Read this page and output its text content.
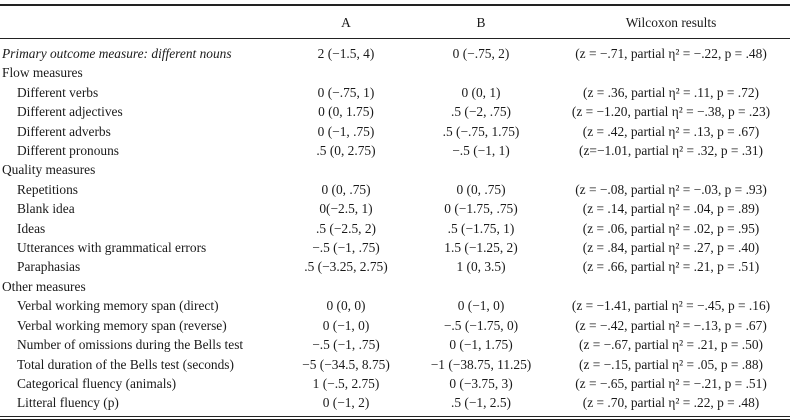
	A	B	Wilcoxon results
Primary outcome measure: different nouns	2 (−1.5, 4)	0 (−.75, 2)	(z = −.71, partial η² = −.22, p = .48)
Flow measures			
Different verbs	0 (−.75, 1)	0 (0, 1)	(z = .36, partial η² = .11, p = .72)
Different adjectives	0 (0, 1.75)	.5 (−2, .75)	(z = −1.20, partial η² = −.38, p = .23)
Different adverbs	0 (−1, .75)	.5 (−.75, 1.75)	(z = .42, partial η² = .13, p = .67)
Different pronouns	.5 (0, 2.75)	−.5 (−1, 1)	(z=−1.01, partial η² = .32, p = .31)
Quality measures			
Repetitions	0 (0, .75)	0 (0, .75)	(z = −.08, partial η² = −.03, p = .93)
Blank idea	0(−2.5, 1)	0 (−1.75, .75)	(z = .14, partial η² = .04, p = .89)
Ideas	.5 (−2.5, 2)	.5 (−1.75, 1)	(z = .06, partial η² = .02, p = .95)
Utterances with grammatical errors	−.5 (−1, .75)	1.5 (−1.25, 2)	(z = .84, partial η² = .27, p = .40)
Paraphasias	.5 (−3.25, 2.75)	1 (0, 3.5)	(z = .66, partial η² = .21, p = .51)
Other measures			
Verbal working memory span (direct)	0 (0, 0)	0 (−1, 0)	(z = −1.41, partial η² = −.45, p = .16)
Verbal working memory span (reverse)	0 (−1, 0)	−.5 (−1.75, 0)	(z = −.42, partial η² = −.13, p = .67)
Number of omissions during the Bells test	−.5 (−1, .75)	0 (−1, 1.75)	(z = −.67, partial η² = .21, p = .50)
Total duration of the Bells test (seconds)	−5 (−34.5, 8.75)	−1 (−38.75, 11.25)	(z = −.15, partial η² = .05, p = .88)
Categorical fluency (animals)	1 (−.5, 2.75)	0 (−3.75, 3)	(z = −.65, partial η² = −.21, p = .51)
Litteral fluency (p)	0 (−1, 2)	.5 (−1, 2.5)	(z = .70, partial η² = .22, p = .48)
